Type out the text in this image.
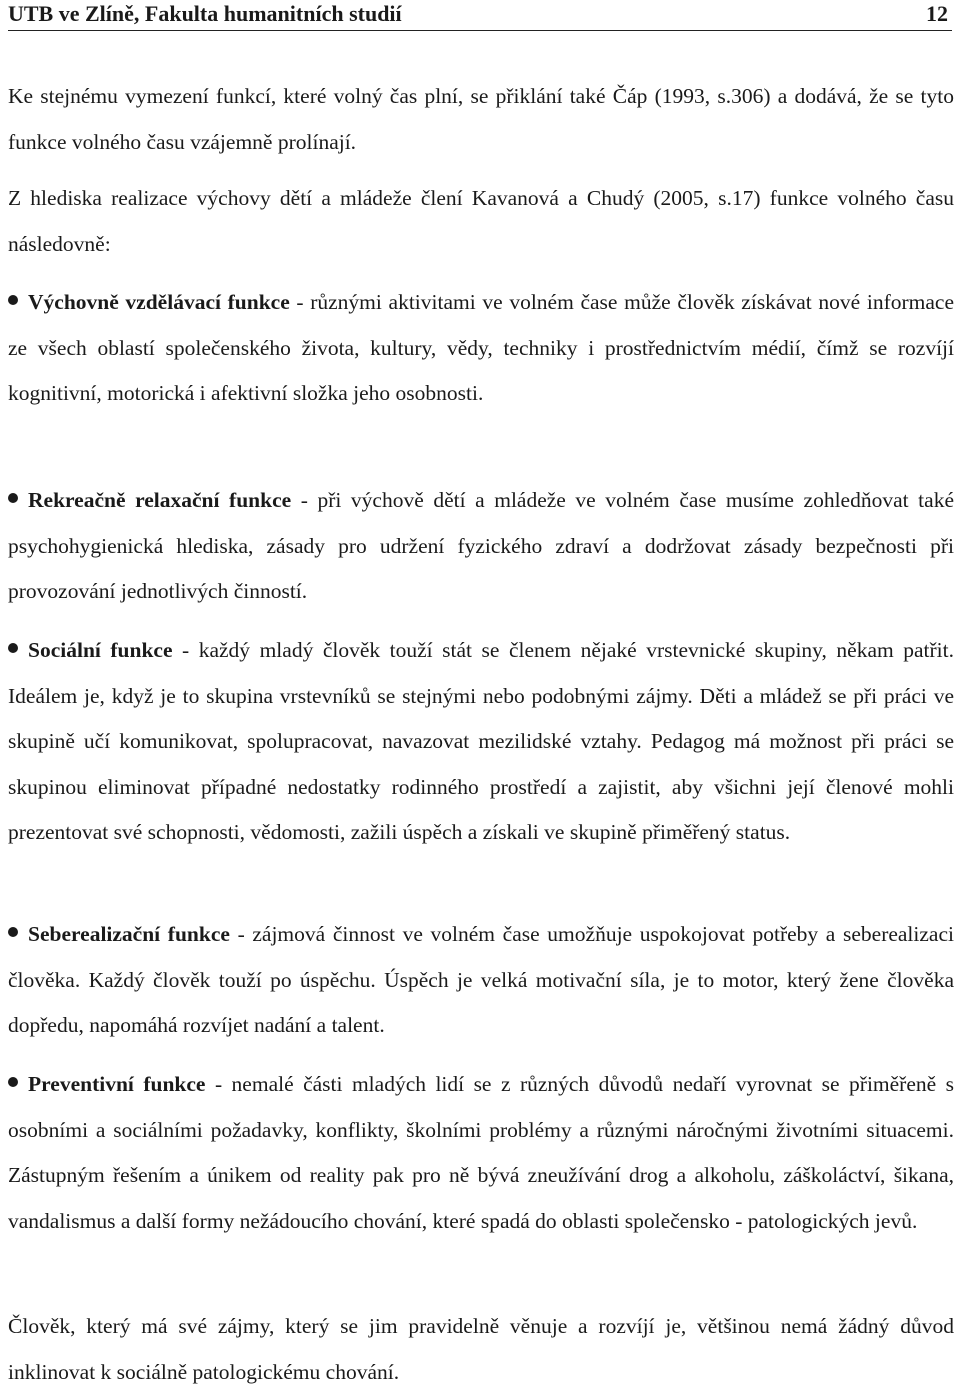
UTB ve Zlíně, Fakulta humanitních studií	12

Ke stejnému vymezení funkcí, které volný čas plní, se přiklání také Čáp (1993, s.306) a dodává, že se tyto funkce volného času vzájemně prolínají.

Z hlediska realizace výchovy dětí a mládeže člení Kavanová a Chudý (2005, s.17) funkce volného času následovně:

Výchovně vzdělávací funkce - různými aktivitami ve volném čase může člověk získávat nové informace ze všech oblastí společenského života, kultury, vědy, techniky i prostřednictvím médií, čímž se rozvíjí kognitivní, motorická i afektivní složka jeho osobnosti.

Rekreačně relaxační funkce - při výchově dětí a mládeže ve volném čase musíme zohledňovat také psychohygienická hlediska, zásady pro udržení fyzického zdraví a dodržovat zásady bezpečnosti při provozování jednotlivých činností.

Sociální funkce - každý mladý člověk touží stát se členem nějaké vrstevnické skupiny, někam patřit. Ideálem je, když je to skupina vrstevníků se stejnými nebo podobnými zájmy. Děti a mládež se při práci ve skupině učí komunikovat, spolupracovat, navazovat mezilidské vztahy. Pedagog má možnost při práci se skupinou eliminovat případné nedostatky rodinného prostředí a zajistit, aby všichni její členové mohli prezentovat své schopnosti, vědomosti, zažili úspěch a získali ve skupině přiměřený status.

Seberealizační funkce - zájmová činnost ve volném čase umožňuje uspokojovat potřeby a seberealizaci člověka. Každý člověk touží po úspěchu. Úspěch je velká motivační síla, je to motor, který žene člověka dopředu, napomáhá rozvíjet nadání a talent.

Preventivní funkce - nemalé části mladých lidí se z různých důvodů nedaří vyrovnat se přiměřeně s osobními a sociálními požadavky, konflikty, školními problémy a různými náročnými životními situacemi. Zástupným řešením a únikem od reality pak pro ně bývá zneužívání drog a alkoholu, záškoláctví, šikana, vandalismus a další formy nežádoucího chování, které spadá do oblasti společensko - patologických jevů.

Člověk, který má své zájmy, který se jim pravidelně věnuje a rozvíjí je, většinou nemá žádný důvod inklinovat k sociálně patologickému chování.
